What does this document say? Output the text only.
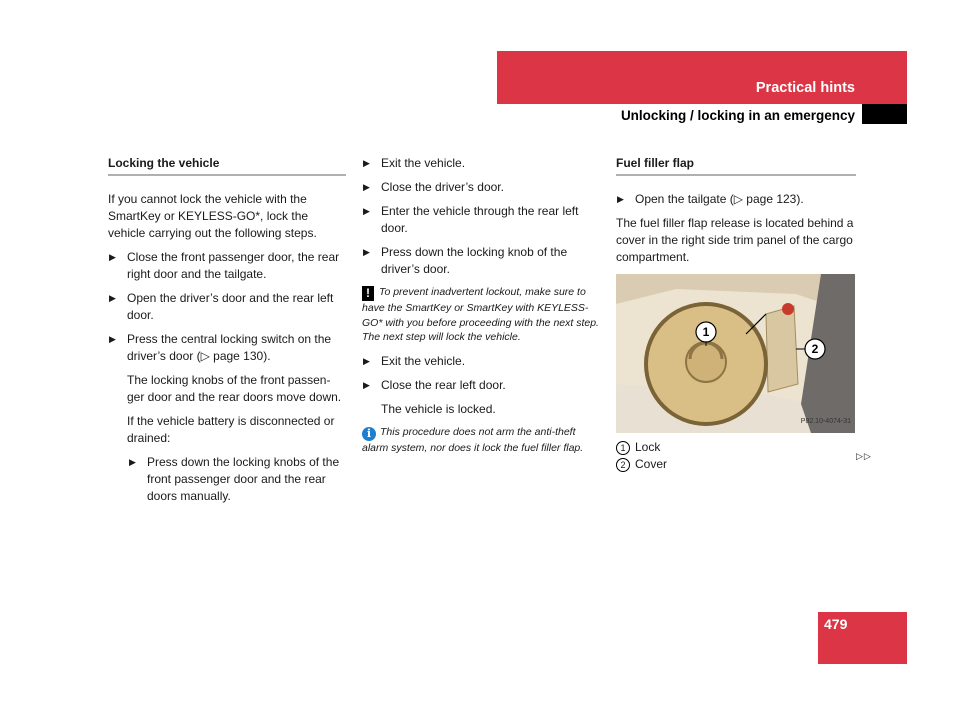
Practical hints
Unlocking / locking in an emergency
Locking the vehicle

If you cannot lock the vehicle with the SmartKey or KEYLESS-GO*, lock the vehicle carrying out the following steps.

▶ Close the front passenger door, the rear right door and the tailgate.
▶ Open the driver’s door and the rear left door.
▶ Press the central locking switch on the driver’s door (▷ page 130).

The locking knobs of the front passen-ger door and the rear doors move down.

If the vehicle battery is disconnected or drained:

▶ Press down the locking knobs of the front passenger door and the rear doors manually.
▶ Exit the vehicle.
▶ Close the driver’s door.
▶ Enter the vehicle through the rear left door.
▶ Press down the locking knob of the driver’s door.

! To prevent inadvertent lockout, make sure to have the SmartKey or SmartKey with KEYLESS-GO* with you before proceeding with the next step. The next step will lock the vehicle.

▶ Exit the vehicle.
▶ Close the rear left door.

The vehicle is locked.

i This procedure does not arm the anti-theft alarm system, nor does it lock the fuel filler flap.

Fuel filler flap
▶ Open the tailgate (▷ page 123).

The fuel filler flap release is located behind a cover in the right side trim panel of the cargo compartment.

1
2
P82.10-4074-31
1 Lock
2 Cover
▷▷
479
